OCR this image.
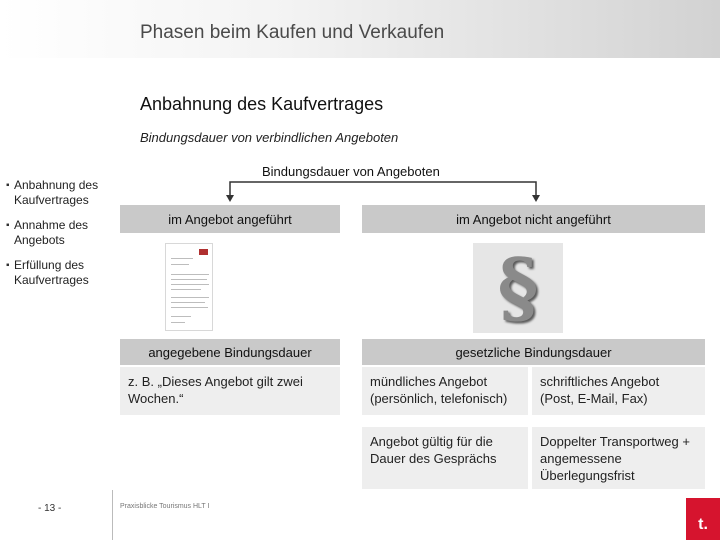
Phasen beim Kaufen und Verkaufen
Anbahnung des Kaufvertrages
Bindungsdauer von verbindlichen Angeboten
▪ Anbahnung des Kaufvertrages
▪ Annahme des Angebots
▪ Erfüllung des Kaufvertrages
Bindungsdauer von Angeboten
im Angebot angeführt	im Angebot nicht angeführt
§
angegebene Bindungsdauer	gesetzliche Bindungsdauer
z. B. „Dieses Angebot gilt zwei Wochen.“
mündliches Angebot
(persönlich, telefonisch)
schriftliches Angebot
(Post, E-Mail, Fax)
Angebot gültig für die Dauer des Gesprächs
Doppelter Transportweg + angemessene Überlegungsfrist
- 13 -	Praxisblicke Tourismus HLT I
t.
